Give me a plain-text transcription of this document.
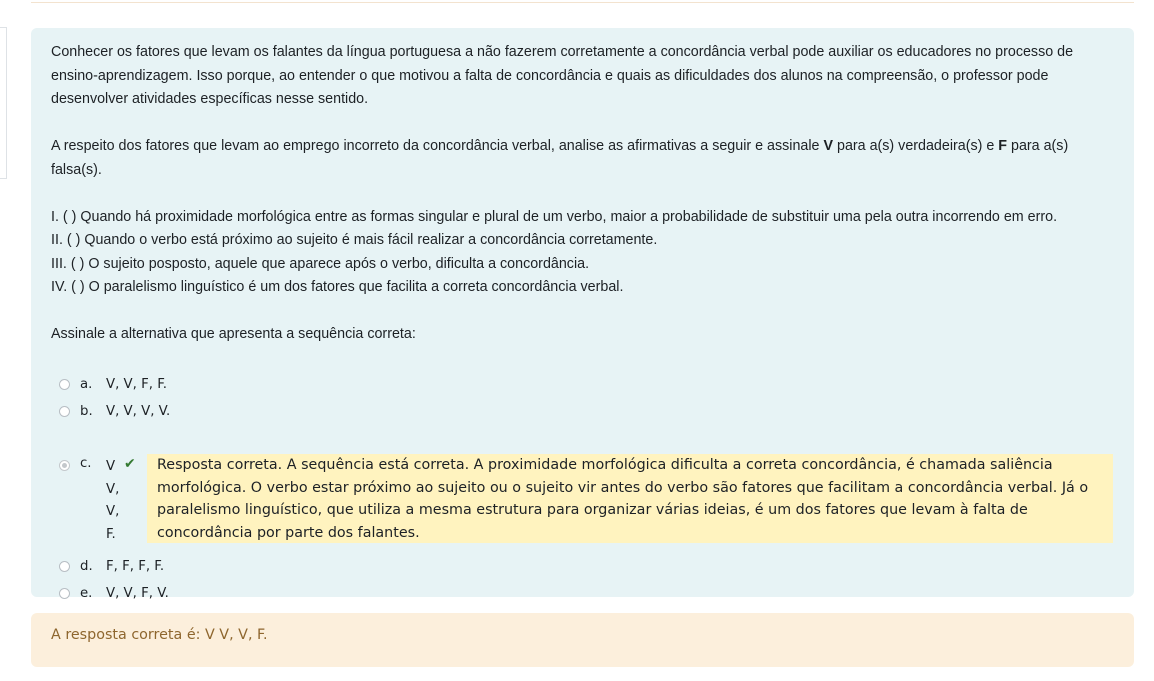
Conhecer os fatores que levam os falantes da língua portuguesa a não fazerem corretamente a concordância verbal pode auxiliar os educadores no processo de ensino-aprendizagem. Isso porque, ao entender o que motivou a falta de concordância e quais as dificuldades dos alunos na compreensão, o professor pode desenvolver atividades específicas nesse sentido.

A respeito dos fatores que levam ao emprego incorreto da concordância verbal, analise as afirmativas a seguir e assinale V para a(s) verdadeira(s) e F para a(s) falsa(s).

I. ( ) Quando há proximidade morfológica entre as formas singular e plural de um verbo, maior a probabilidade de substituir uma pela outra incorrendo em erro.

II. ( ) Quando o verbo está próximo ao sujeito é mais fácil realizar a concordância corretamente.

III. ( ) O sujeito posposto, aquele que aparece após o verbo, dificulta a concordância.

IV. ( ) O paralelismo linguístico é um dos fatores que facilita a correta concordância verbal.

Assinale a alternativa que apresenta a sequência correta:

a.	V, V, F, F.
b.	V, V, V, V.
c.	V
V,
V,
F.
✔	Resposta correta. A sequência está correta. A proximidade morfológica dificulta a correta concordância, é chamada saliência morfológica. O verbo estar próximo ao sujeito ou o sujeito vir antes do verbo são fatores que facilitam a concordância verbal. Já o paralelismo linguístico, que utiliza a mesma estrutura para organizar várias ideias, é um dos fatores que levam à falta de concordância por parte dos falantes.
d.	F, F, F, F.
e.	V, V, F, V.
A resposta correta é: V V, V, F.
